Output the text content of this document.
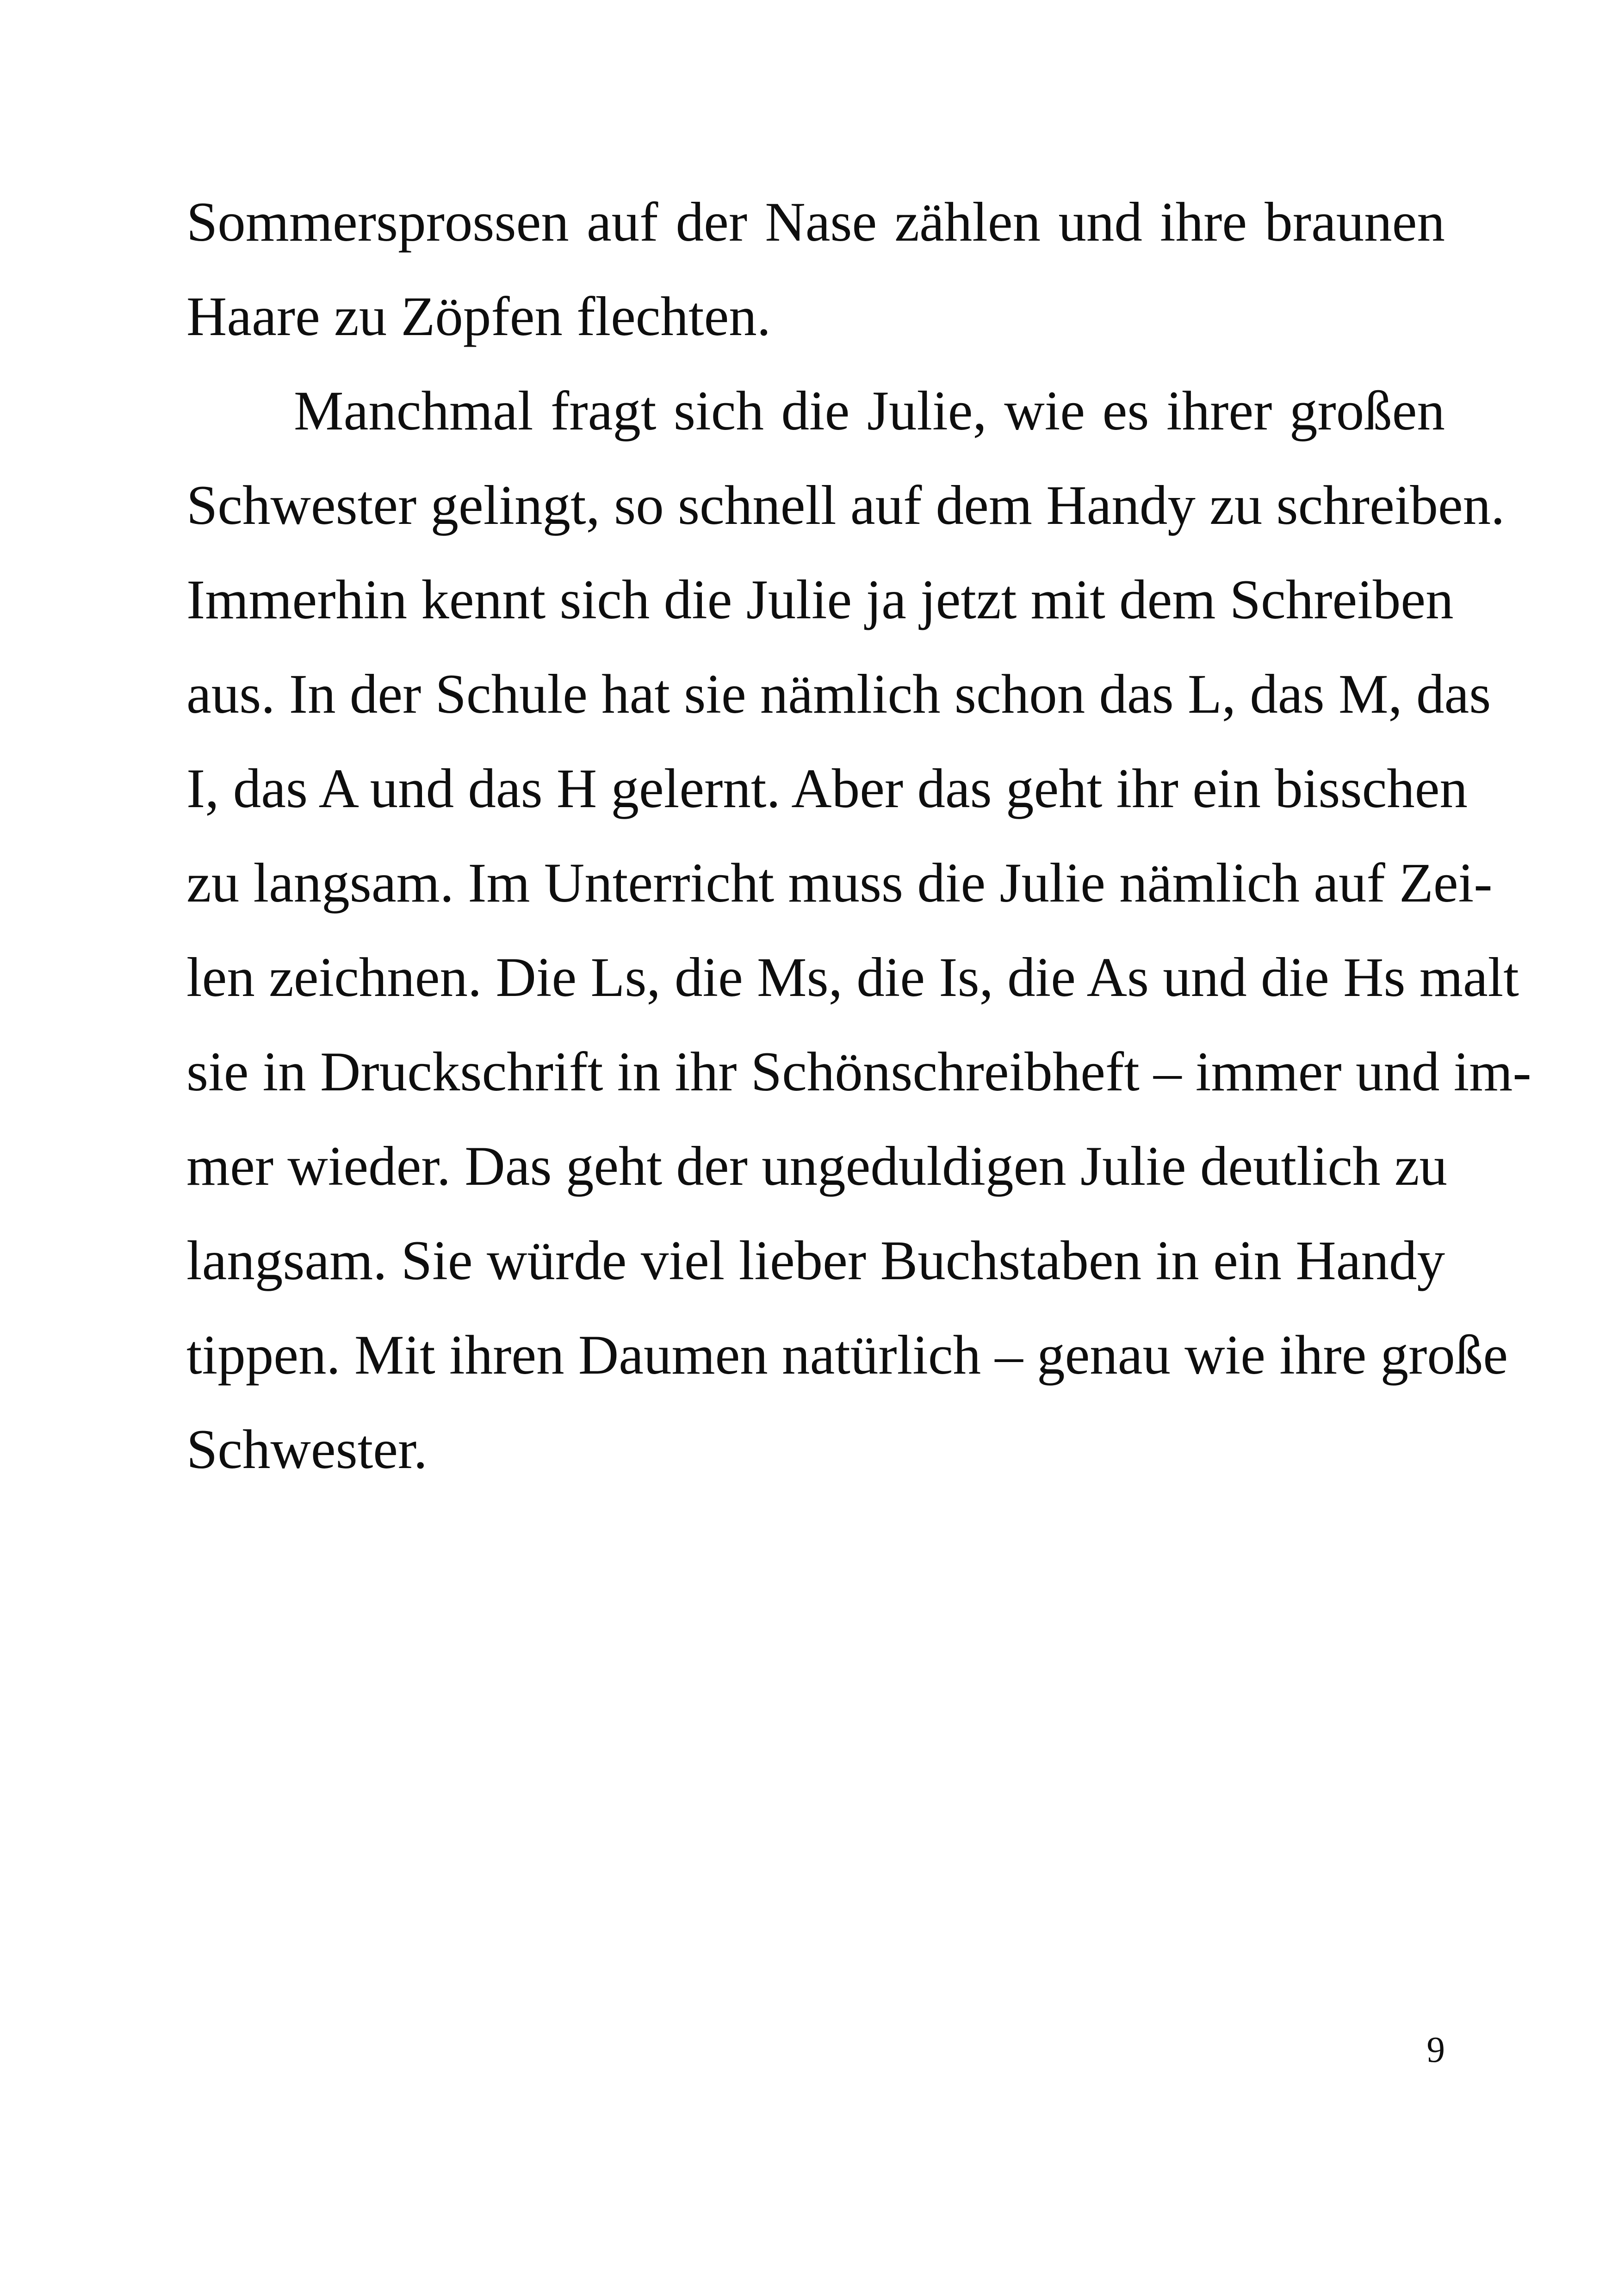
Sommersprossen auf der Nase zählen und ihre braunen
Haare zu Zöpfen flechten.
Manchmal fragt sich die Julie, wie es ihrer großen
Schwester gelingt, so schnell auf dem Handy zu schreiben.
Immerhin kennt sich die Julie ja jetzt mit dem Schreiben
aus. In der Schule hat sie nämlich schon das L, das M, das
I, das A und das H gelernt. Aber das geht ihr ein bisschen
zu langsam. Im Unterricht muss die Julie nämlich auf Zei-
len zeichnen. Die Ls, die Ms, die Is, die As und die Hs malt
sie in Druckschrift in ihr Schönschreibheft – immer und im-
mer wieder. Das geht der ungeduldigen Julie deutlich zu
langsam. Sie würde viel lieber Buchstaben in ein Handy
tippen. Mit ihren Daumen natürlich – genau wie ihre große
Schwester.
9
